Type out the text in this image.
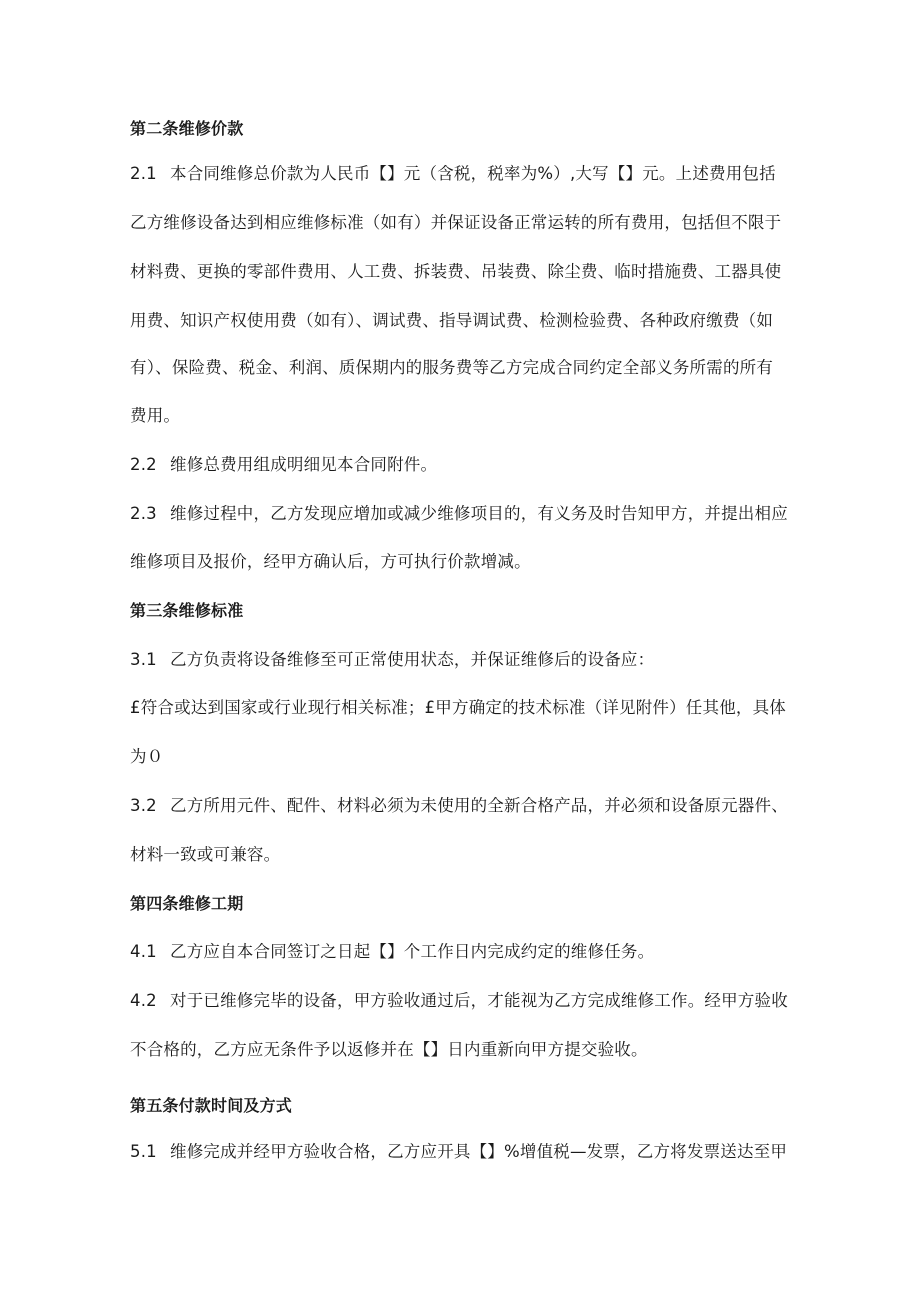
第二条维修价款

2.1 本合同维修总价款为人民币【】元（含税，税率为%）,大写【】元。上述费用包括

乙方维修设备达到相应维修标准（如有）并保证设备正常运转的所有费用，包括但不限于

材料费、更换的零部件费用、人工费、拆装费、吊装费、除尘费、临时措施费、工器具使

用费、知识产权使用费（如有）、调试费、指导调试费、检测检验费、各种政府缴费（如

有）、保险费、税金、利润、质保期内的服务费等乙方完成合同约定全部义务所需的所有

费用。

2.2 维修总费用组成明细见本合同附件。

2.3 维修过程中，乙方发现应增加或减少维修项目的，有义务及时告知甲方，并提出相应

维修项目及报价，经甲方确认后，方可执行价款增减。

第三条维修标准

3.1 乙方负责将设备维修至可正常使用状态，并保证维修后的设备应：

£符合或达到国家或行业现行相关标准；£甲方确定的技术标准（详见附件）任其他，具体

为０

3.2 乙方所用元件、配件、材料必须为未使用的全新合格产品，并必须和设备原元器件、

材料一致或可兼容。

第四条维修工期

4.1 乙方应自本合同签订之日起【】个工作日内完成约定的维修任务。

4.2 对于已维修完毕的设备，甲方验收通过后，才能视为乙方完成维修工作。经甲方验收

不合格的，乙方应无条件予以返修并在【】日内重新向甲方提交验收。

第五条付款时间及方式

5.1 维修完成并经甲方验收合格，乙方应开具【】%增值税—发票，乙方将发票送达至甲
